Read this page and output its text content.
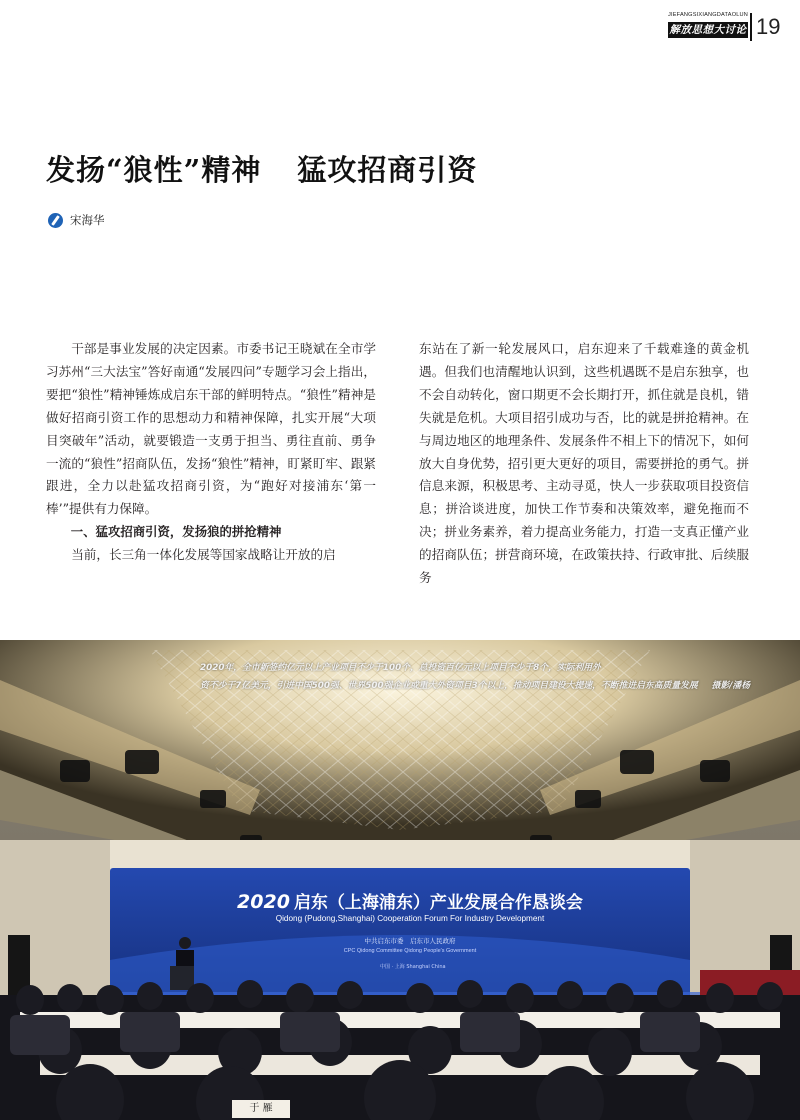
JIEFANGSIXIANGDATAOLUN
解放思想大讨论 19
发扬“狼性”精神 猛攻招商引资
宋海华

干部是事业发展的决定因素。市委书记王晓斌在全市学习苏州“三大法宝”答好南通“发展四问”专题学习会上指出，要把“狼性”精神锤炼成启东干部的鲜明特点。“狼性”精神是做好招商引资工作的思想动力和精神保障，扎实开展“大项目突破年”活动，就要锻造一支勇于担当、勇往直前、勇争一流的“狼性”招商队伍，发扬“狼性”精神，盯紧盯牢、跟紧跟进，全力以赴猛攻招商引资，为“跑好对接浦东‘第一棒’”提供有力保障。

一、猛攻招商引资，发扬狼的拼抢精神

当前，长三角一体化发展等国家战略让开放的启

东站在了新一轮发展风口，启东迎来了千载难逢的黄金机遇。但我们也清醒地认识到，这些机遇既不是启东独享，也不会自动转化，窗口期更不会长期打开，抓住就是良机，错失就是危机。大项目招引成功与否，比的就是拼抢精神。在与周边地区的地理条件、发展条件不相上下的情况下，如何放大自身优势，招引更大更好的项目，需要拼抢的勇气。拼信息来源，积极思考、主动寻觅，快人一步获取项目投资信息；拼洽谈进度，加快工作节奏和决策效率，避免拖而不决；拼业务素养，着力提高业务能力，打造一支真正懂产业的招商队伍；拼营商环境，在政策扶持、行政审批、后续服务

2020年，全市新签约亿元以上产业项目不少于100个，总投资百亿元以上项目不少于8个，实际利用外
资不少于7亿美元，引进中国500强、世界500强企业或重大外资项目3个以上，推动项目建设大提速，不断推进启东高质量发展 摄影/潘杨
2020 启东（上海浦东）产业发展合作恳谈会
Qidong (Pudong,Shanghai) Cooperation Forum For Industry Development
中共启东市委　启东市人民政府
CPC Qidong Committee Qidong People's Government
中国 · 上海 Shanghai China
于 雁
